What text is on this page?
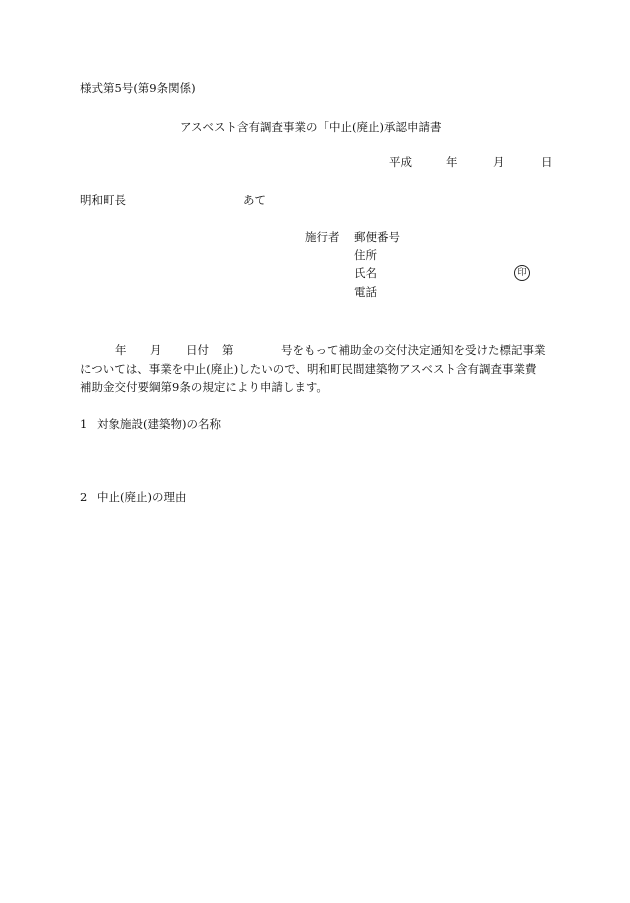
様式第5号(第9条関係)
アスベスト含有調査事業の「中止(廃止)承認申請書
平成	年	月	日
明和町長	あて
施行者 郵便番号
住所
氏名	印
電話
年 月 日付 第	号をもって補助金の交付決定通知を受けた標記事業
については、事業を中止(廃止)したいので、明和町民間建築物アスベスト含有調査事業費
補助金交付要綱第9条の規定により申請します。
1 対象施設(建築物)の名称
2 中止(廃止)の理由
